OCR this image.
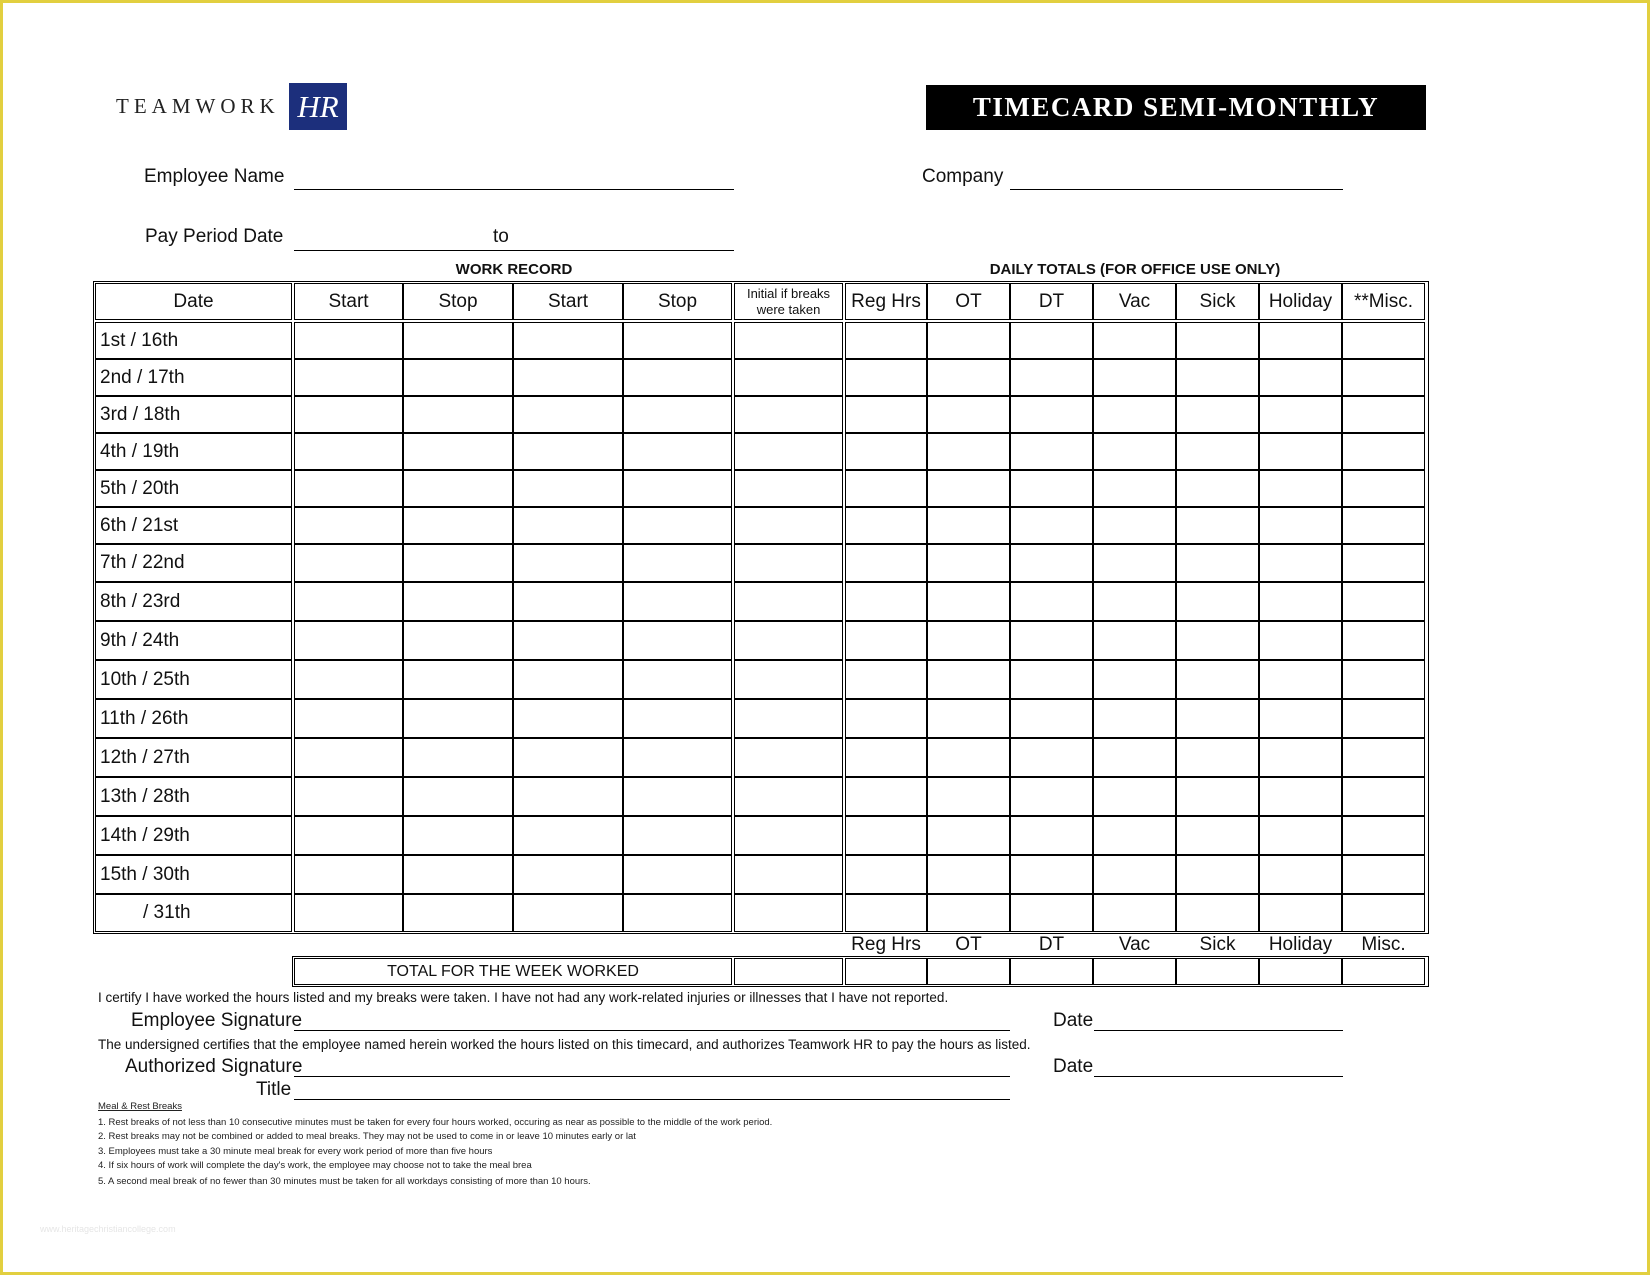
TEAMWORK HR	TIMECARD SEMI-MONTHLY
Employee Name	Company
Pay Period Date	to
WORK RECORD	DAILY TOTALS (FOR OFFICE USE ONLY)
Date	Start	Stop	Start	Stop	Initial if breaks were taken	Reg Hrs	OT	DT	Vac	Sick	Holiday	**Misc.
1st / 16th
2nd / 17th
3rd / 18th
4th / 19th
5th / 20th
6th / 21st
7th / 22nd
8th / 23rd
9th / 24th
10th / 25th
11th / 26th
12th / 27th
13th / 28th
14th / 29th
15th / 30th
/ 31th
Reg Hrs	OT	DT	Vac	Sick	Holiday	Misc.
TOTAL FOR THE WEEK WORKED
I certify I have worked the hours listed and my breaks were taken. I have not had any work-related injuries or illnesses that I have not reported.
Employee Signature	Date
The undersigned certifies that the employee named herein worked the hours listed on this timecard, and authorizes Teamwork HR to pay the hours as listed.
Authorized Signature	Date
Title
Meal & Rest Breaks
1. Rest breaks of not less than 10 consecutive minutes must be taken for every four hours worked, occuring as near as possible to the middle of the work period.
2. Rest breaks may not be combined or added to meal breaks. They may not be used to come in or leave 10 minutes early or lat
3. Employees must take a 30 minute meal break for every work period of more than five hours
4. If six hours of work will complete the day's work, the employee may choose not to take the meal brea
5. A second meal break of no fewer than 30 minutes must be taken for all workdays consisting of more than 10 hours.
www.heritagechristiancollege.com
